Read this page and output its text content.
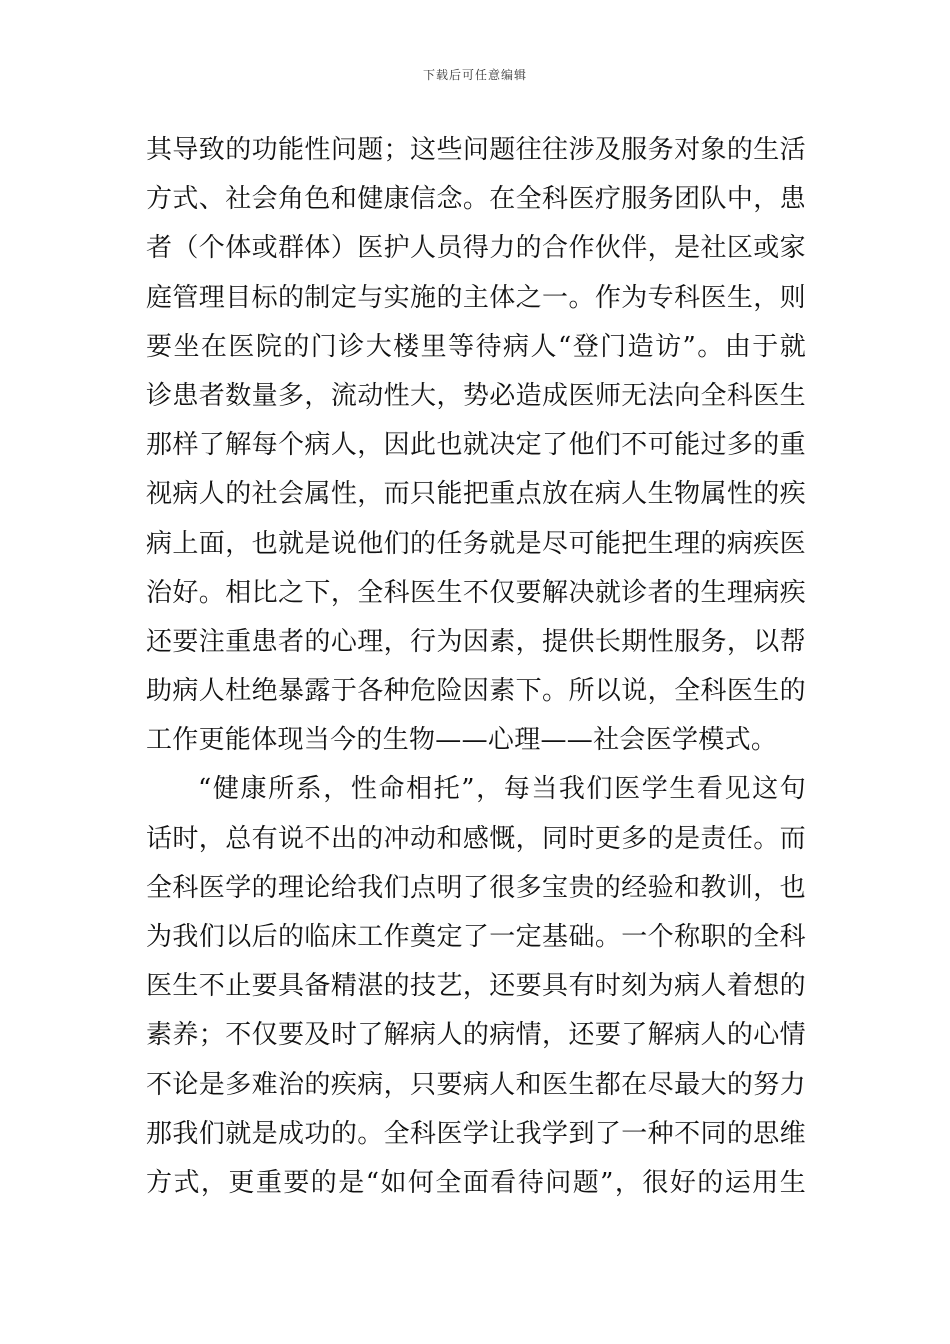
下载后可任意编辑
其导致的功能性问题；这些问题往往涉及服务对象的生活
方式、社会角色和健康信念。在全科医疗服务团队中，患
者（个体或群体）医护人员得力的合作伙伴，是社区或家
庭管理目标的制定与实施的主体之一。作为专科医生，则
要坐在医院的门诊大楼里等待病人“登门造访”。由于就
诊患者数量多，流动性大，势必造成医师无法向全科医生
那样了解每个病人，因此也就决定了他们不可能过多的重
视病人的社会属性，而只能把重点放在病人生物属性的疾
病上面，也就是说他们的任务就是尽可能把生理的病疾医
治好。相比之下，全科医生不仅要解决就诊者的生理病疾
还要注重患者的心理，行为因素，提供长期性服务，以帮
助病人杜绝暴露于各种危险因素下。所以说，全科医生的
工作更能体现当今的生物——心理——社会医学模式。
“健康所系，性命相托”，每当我们医学生看见这句
话时，总有说不出的冲动和感慨，同时更多的是责任。而
全科医学的理论给我们点明了很多宝贵的经验和教训，也
为我们以后的临床工作奠定了一定基础。一个称职的全科
医生不止要具备精湛的技艺，还要具有时刻为病人着想的
素养；不仅要及时了解病人的病情，还要了解病人的心情
不论是多难治的疾病，只要病人和医生都在尽最大的努力
那我们就是成功的。全科医学让我学到了一种不同的思维
方式，更重要的是“如何全面看待问题”，很好的运用生
